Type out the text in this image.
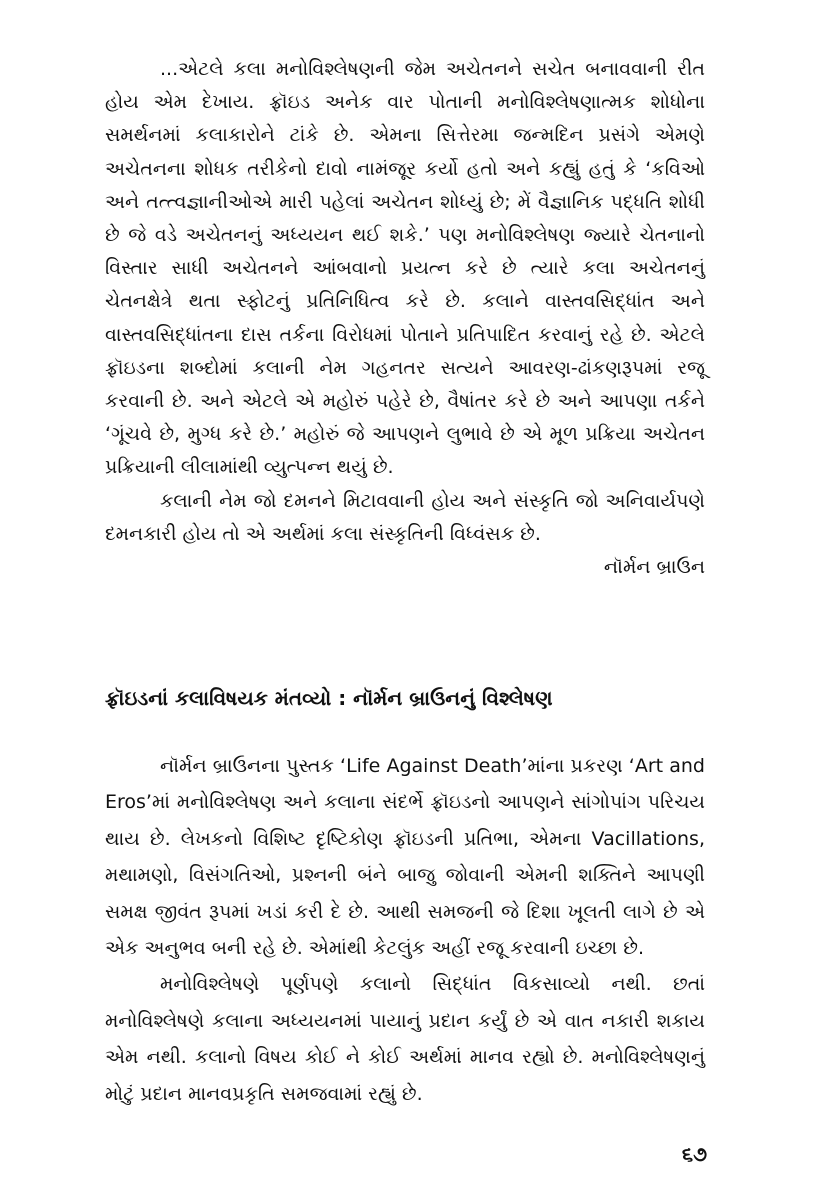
...એટલે કલા મનોવિશ્લેષણની જેમ અચેતનને સચેત બનાવવાની રીત હોય એમ દેખાય. ફ્રૉઇડ અનેક વાર પોતાની મનોવિશ્લેષણાત્મક શોધોના સમર્થનમાં કલાકારોને ટાંકે છે. એમના સિત્તેરમા જન્મદિન પ્રસંગે એમણે અચેતનના શોધક તરીકેનો દાવો નામંજૂર કર્યો હતો અને કહ્યું હતું કે ‘કવિઓ અને તત્ત્વજ્ઞાનીઓએ મારી પહેલાં અચેતન શોધ્યું છે; મેં વૈજ્ઞાનિક પદ્ધતિ શોધી છે જે વડે અચેતનનું અધ્યયન થઈ શકે.’ પણ મનોવિશ્લેષણ જ્યારે ચેતનાનો વિસ્તાર સાધી અચેતનને આંબવાનો પ્રયત્ન કરે છે ત્યારે કલા અચેતનનું ચેતનક્ષેત્રે થતા સ્ફોટનું પ્રતિનિધિત્વ કરે છે. કલાને વાસ્તવસિદ્ધાંત અને વાસ્તવસિદ્ધાંતના દાસ તર્કના વિરોધમાં પોતાને પ્રતિપાદિત કરવાનું રહે છે. એટલે ફ્રૉઇડના શબ્દોમાં કલાની નેમ ગહનતર સત્યને આવરણ-ઢાંકણરૂપમાં રજૂ કરવાની છે. અને એટલે એ મહોરું પહેરે છે, વૈષાંતર કરે છે અને આપણા તર્કને ‘ગૂંચવે છે, મુગ્ધ કરે છે.’ મહોરું જે આપણને લુભાવે છે એ મૂળ પ્રક્રિયા અચેતન પ્રક્રિયાની લીલામાંથી વ્યુત્પન્ન થયું છે.

કલાની નેમ જો દમનને મિટાવવાની હોય અને સંસ્કૃતિ જો અનિવાર્યપણે દમનકારી હોય તો એ અર્થમાં કલા સંસ્કૃતિની વિધ્વંસક છે.

નૉર્મન બ્રાઉન

ફ્રૉઇડનાં કલાવિષયક મંતવ્યો : નૉર્મન બ્રાઉનનું વિશ્લેષણ

નૉર્મન બ્રાઉનના પુસ્તક ‘Life Against Death’માંના પ્રકરણ ‘Art and Eros’માં મનોવિશ્લેષણ અને કલાના સંદર્ભે ફ્રૉઇડનો આપણને સાંગોપાંગ પરિચય થાય છે. લેખકનો વિશિષ્ટ દૃષ્ટિકોણ ફ્રૉઇડની પ્રતિભા, એમના Vacillations, મથામણો, વિસંગતિઓ, પ્રશ્નની બંને બાજુ જોવાની એમની શક્તિને આપણી સમક્ષ જીવંત રૂપમાં ખડાં કરી દે છે. આથી સમજની જે દિશા ખૂલતી લાગે છે એ એક અનુભવ બની રહે છે. એમાંથી કેટલુંક અહીં રજૂ કરવાની ઇચ્છા છે.

મનોવિશ્લેષણે પૂર્ણપણે કલાનો સિદ્ધાંત વિકસાવ્યો નથી. છતાં મનોવિશ્લેષણે કલાના અધ્યયનમાં પાયાનું પ્રદાન કર્યું છે એ વાત નકારી શકાય એમ નથી. કલાનો વિષય કોઈ ને કોઈ અર્થમાં માનવ રહ્યો છે. મનોવિશ્લેષણનું મોટું પ્રદાન માનવપ્રકૃતિ સમજવામાં રહ્યું છે.

૬૭
